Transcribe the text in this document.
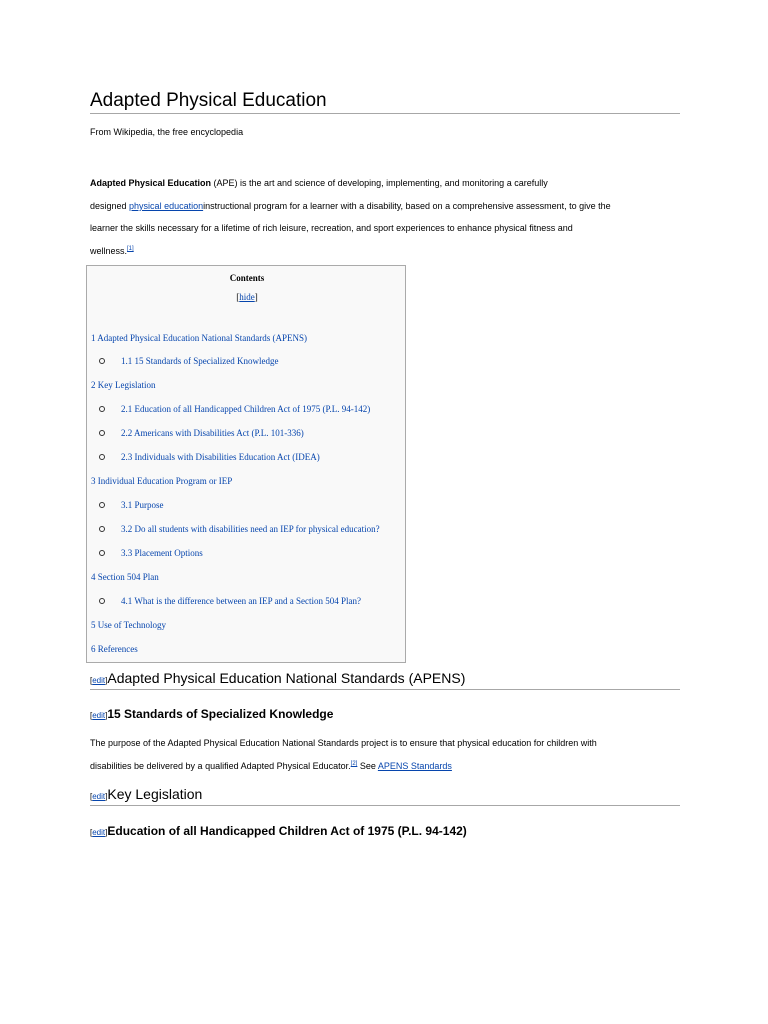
Adapted Physical Education
From Wikipedia, the free encyclopedia
Adapted Physical Education (APE) is the art and science of developing, implementing, and monitoring a carefully
designed physical educationinstructional program for a learner with a disability, based on a comprehensive assessment, to give the
learner the skills necessary for a lifetime of rich leisure, recreation, and sport experiences to enhance physical fitness and
wellness.[1]
Contents
[hide]
1 Adapted Physical Education National Standards (APENS)
1.1 15 Standards of Specialized Knowledge
2 Key Legislation
2.1 Education of all Handicapped Children Act of 1975 (P.L. 94-142)
2.2 Americans with Disabilities Act (P.L. 101-336)
2.3 Individuals with Disabilities Education Act (IDEA)
3 Individual Education Program or IEP
3.1 Purpose
3.2 Do all students with disabilities need an IEP for physical education?
3.3 Placement Options
4 Section 504 Plan
4.1 What is the difference between an IEP and a Section 504 Plan?
5 Use of Technology
6 References
[edit]Adapted Physical Education National Standards (APENS)
[edit]15 Standards of Specialized Knowledge
The purpose of the Adapted Physical Education National Standards project is to ensure that physical education for children with
disabilities be delivered by a qualified Adapted Physical Educator.[2] See APENS Standards
[edit]Key Legislation
[edit]Education of all Handicapped Children Act of 1975 (P.L. 94-142)
